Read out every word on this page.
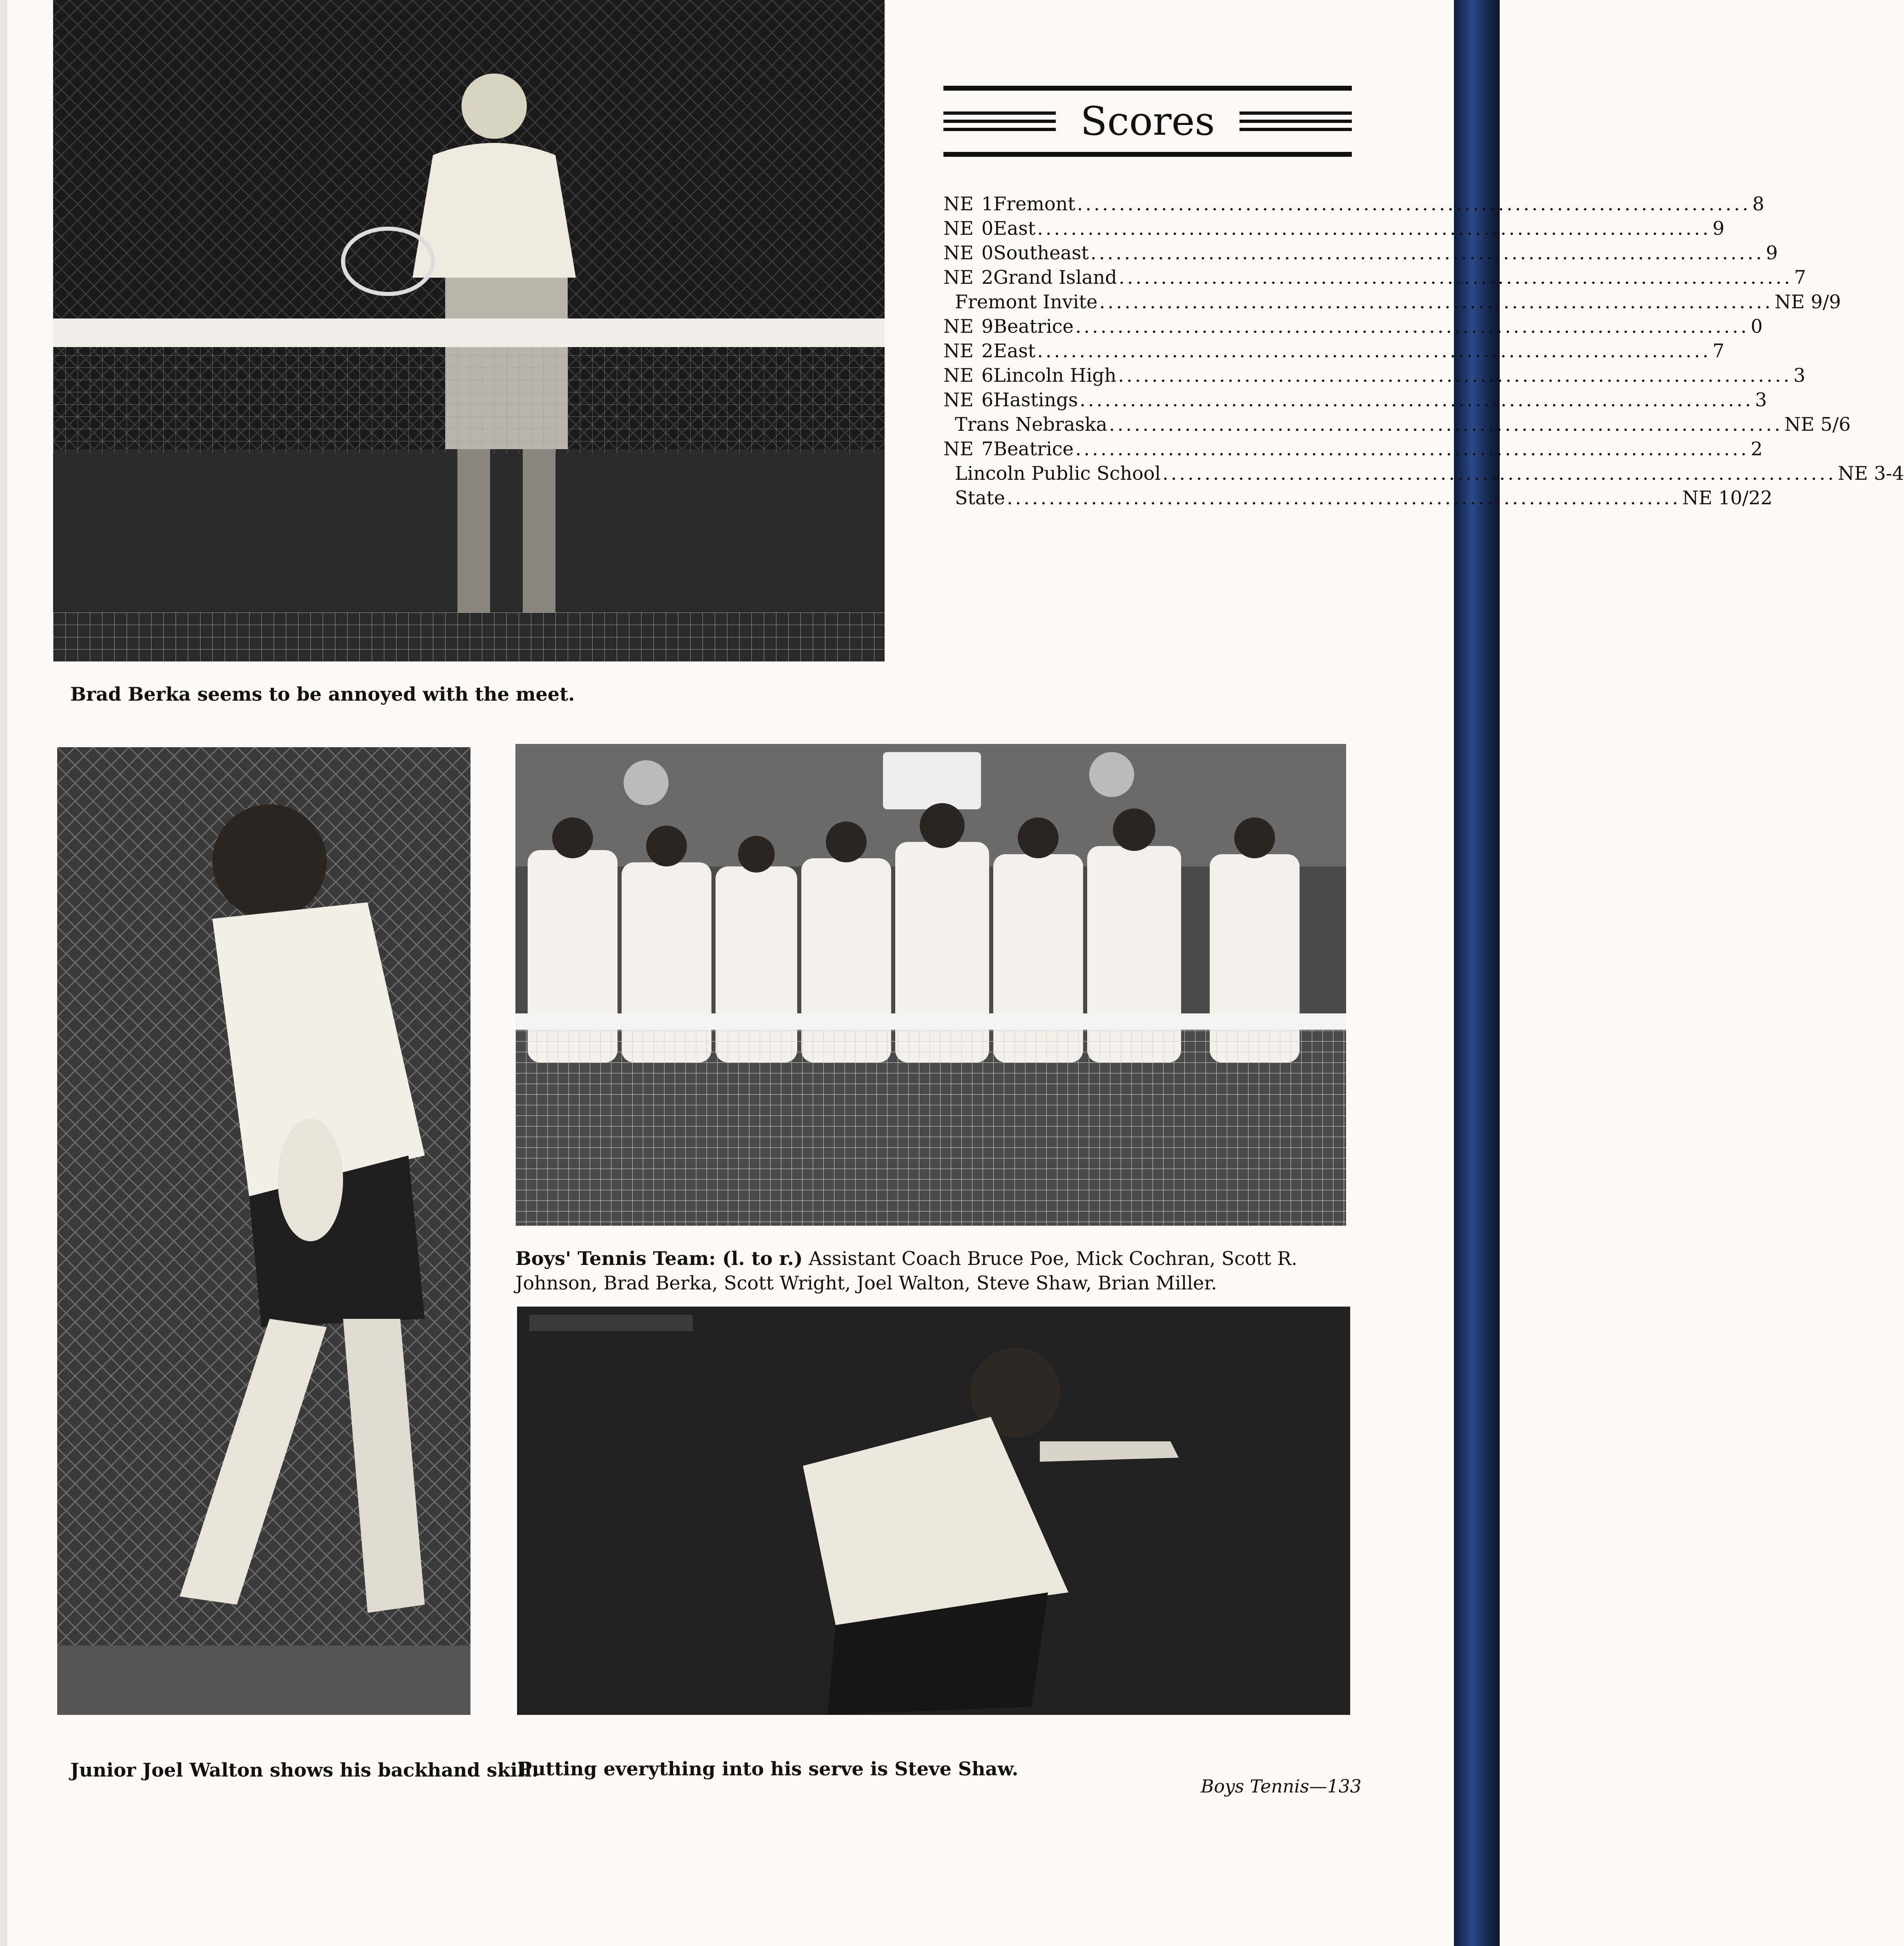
Brad Berka seems to be annoyed with the meet.
Scores
NE 1 Fremont ................................................................................ 8
NE 0 East ................................................................................ 9
NE 0 Southeast ................................................................................ 9
NE 2 Grand Island ................................................................................ 7
Fremont Invite ................................................................................ NE 9/9
NE 9 Beatrice ................................................................................ 0
NE 2 East ................................................................................ 7
NE 6 Lincoln High ................................................................................ 3
NE 6 Hastings ................................................................................ 3
Trans Nebraska ................................................................................ NE 5/6
NE 7 Beatrice ................................................................................ 2
Lincoln Public School ................................................................................ NE 3-4
State ................................................................................ NE 10/22
Junior Joel Walton shows his backhand skill.
Boys' Tennis Team: (l. to r.) Assistant Coach Bruce Poe, Mick Cochran, Scott R. Johnson, Brad Berka, Scott Wright, Joel Walton, Steve Shaw, Brian Miller.
Putting everything into his serve is Steve Shaw.
Boys Tennis—133
